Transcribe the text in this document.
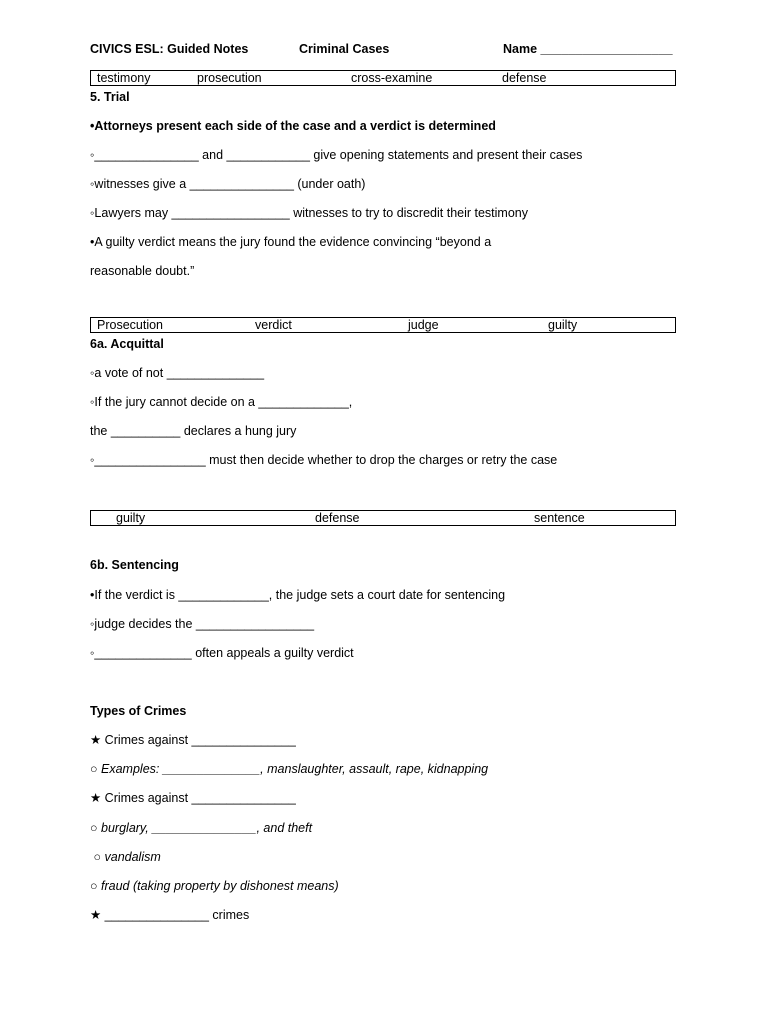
CIVICS ESL: Guided Notes	Criminal Cases	Name ___________________
testimony	prosecution	cross-examine	defense
5. Trial
•Attorneys present each side of the case and a verdict is determined
◦_______________ and ____________ give opening statements and present their cases
◦witnesses give a _______________ (under oath)
◦Lawyers may _________________ witnesses to try to discredit their testimony
•A guilty verdict means the jury found the evidence convincing “beyond a
reasonable doubt.”
Prosecution	verdict	judge	guilty
6a. Acquittal
◦a vote of not ______________
◦If the jury cannot decide on a _____________,
the __________ declares a hung jury
◦________________ must then decide whether to drop the charges or retry the case
guilty	defense	sentence
6b. Sentencing
•If the verdict is _____________, the judge sets a court date for sentencing
◦judge decides the _________________
◦______________ often appeals a guilty verdict
Types of Crimes
★ Crimes against _______________
○ Examples: ______________, manslaughter, assault, rape, kidnapping
★ Crimes against _______________
○ burglary, _______________, and theft
○ vandalism
○ fraud (taking property by dishonest means)
★ _______________ crimes
